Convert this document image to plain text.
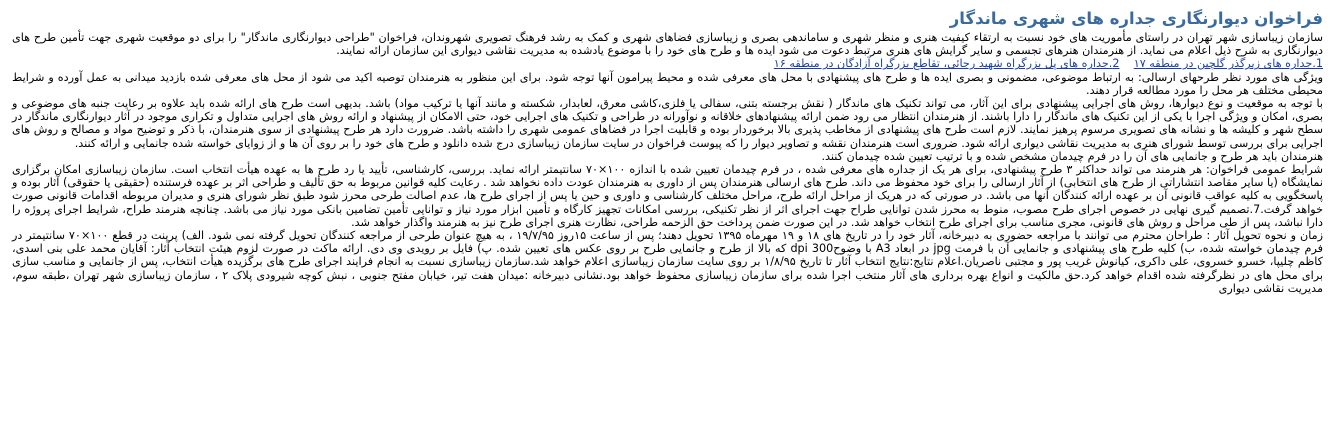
فراخوان دیوارنگاری جداره های شهری ماندگار

سازمان زیباسازی شهر تهران در راستای مأموریت های خود نسبت به ارتقاء کیفیت هنری و منظر شهری و ساماندهی بصری و زیباسازی فضاهای شهری و کمک به رشد فرهنگ تصویری شهروندان، فراخوان "طراحی دیوارنگاری ماندگار" را برای دو موقعیت شهری جهت تأمین طرح های دیوارنگاری به شرح ذیل اعلام می نماید. از هنرمندان هنرهای تجسمی و سایر گرایش های هنری مرتبط دعوت می شود ایده ها و طرح های خود را با موضوع یادشده به مدیریت نقاشی دیواری این سازمان ارائه نمایند.

1.جداره های زیرگذر گلچین در منطقه ۱۷    2.جداره های پل بزرگراه شهید رجائی، تقاطع بزرگراه آزادگان در منطقه ۱۶

ویژگی های مورد نظر طرحهای ارسالی: به ارتباط موضوعی، مضمونی و بصری ایده ها و طرح های پیشنهادی با محل های معرفی شده و محیط پیرامون آنها توجه شود. برای این منظور به هنرمندان توصیه اکید می شود از محل های معرفی شده بازدید میدانی به عمل آورده و شرایط محیطی مختلف هر محل را مورد مطالعه قرار دهند.

با توجه به موقعیت و نوع دیوارها، روش های اجرایی پیشنهادی برای این آثار، می تواند تکنیک های ماندگار ( نقش برجسته بتنی، سفالی یا فلزی،کاشی معرق، لعابدار، شکسته و مانند آنها یا ترکیب مواد) باشد. بدیهی است طرح های ارائه شده باید علاوه بر رعایت جنبه های موضوعی و بصری، امکان و ویژگی اجرا با یکی از این تکنیک های ماندگار را دارا باشند. از هنرمندان انتظار می رود ضمن ارائه پیشنهادهای خلاقانه و نوآورانه در طراحی و تکنیک های اجرایی خود، حتی الامکان از پیشنهاد و ارائه روش های اجرایی متداول و تکراری موجود در آثار دیوارنگاری ماندگار در سطح شهر و کلیشه ها و نشانه های تصویری مرسوم پرهیز نمایند. لازم است طرح های پیشنهادی از مخاطب پذیری بالا برخوردار بوده و قابلیت اجرا در فضاهای عمومی شهری را داشته باشد. ضرورت دارد هر طرح پیشنهادی از سوی هنرمندان، با ذکر و توضیح مواد و مصالح و روش های اجرایی برای بررسی توسط شورای هنری به مدیریت نقاشی دیواری ارائه شود. ضروری است هنرمندان نقشه و تصاویر دیوار را که پیوست فراخوان در سایت سازمان زیباسازی درج شده دانلود و طرح های خود را بر روی آن ها و از زوایای خواسته شده جانمایی و ارائه کنند.

هنرمندان باید هر طرح و جانمایی های آن را در فرم چیدمان مشخص شده و با ترتیب تعیین شده چیدمان کنند.

شرایط عمومی فراخوان: هر هنرمند می تواند حداکثر ۳ طرح پیشنهادی، برای هر یک از جداره های معرفی شده ، در فرم چیدمان تعیین شده با اندازه ۱۰۰×۷۰ سانتیمتر ارائه نماید. بررسی، کارشناسی، تأیید یا رد طرح ها به عهده هیأت انتخاب است. سازمان زیباسازی امکان برگزاری نمایشگاه (یا سایر مقاصد انتشاراتی از طرح های انتخابی) از آثار ارسالی را برای خود محفوظ می داند. طرح های ارسالی هنرمندان پس از داوری به هنرمندان عودت داده نخواهد شد . رعایت کلیه قوانین مربوط به حق تألیف و طراحی اثر بر عهده فرستنده (حقیقی یا حقوقی) آثار بوده و پاسخگویی به کلیه عواقب قانونی آن بر عهده ارائه کنندگان آنها می باشد. در صورتی که در هریک از مراحل ارائه طرح، مراحل مختلف کارشناسی و داوری و حین یا پس از اجرای طرح ها، عدم اصالت طرحی محرز شود طبق نظر شورای هنری و مدیران مربوطه اقدامات قانونی صورت خواهد گرفت.7.تصمیم گیری نهایی در خصوص اجرای طرح مصوب، منوط به محرز شدن توانایی طراح جهت اجرای اثر از نظر تکنیکی، بررسی امکانات تجهیز کارگاه و تأمین ابزار مورد نیاز و توانایی تأمین تضامین بانکی مورد نیاز می باشد. چنانچه هنرمند طراح، شرایط اجرای پروژه را دارا نباشد، پس از طی مراحل و روش های قانونی، مجری مناسب برای اجرای طرح انتخاب خواهد شد. در این صورت ضمن پرداخت حق الزحمه طراحی، نظارت هنری اجرای طرح نیز به هنرمند واگذار خواهد شد.

زمان و نحوه تحویل آثار : طراحان محترم می توانند با مراجعه حضوری به دبیرخانه، آثار خود را در تاریخ های ۱۸ و ۱۹ مهرماه ۱۳۹۵ تحویل دهند؛ پس از ساعت ۱۵روز ۱۹/۷/۹۵ ، به هیچ عنوان طرحی از مراجعه کنندگان تحویل گرفته نمی شود. الف) پرینت در قطع ۱۰۰×۷۰ سانتیمتر در فرم چیدمان خواسته شده، ب) کلیه طرح های پیشنهادی و جانمایی آن با فرمت jpg در ابعاد A3 با وضوح300 dpi که بالا از طرح و جانمایی طرح بر روی عکس های تعیین شده. پ) فایل بر رویدی وی دی. ارائه ماکت در صورت لزوم هیئت انتخاب آثار: آقایان محمد علی بنی اسدی، کاظم چلیپا، خسرو خسروی، علی داکری، کیانوش غریب پور و مجتبی ناصریان.اعلام نتایج:نتایج انتخاب آثار تا تاریخ ۱/۸/۹۵ بر روی سایت سازمان زیباسازی اعلام خواهد شد.سازمان زیباسازی نسبت به انجام فرایند اجرای طرح های برگزیده هیأت انتخاب، پس از جانمایی و مناسب سازی برای محل های در نظرگرفته شده اقدام خواهد کرد.حق مالکیت و انواع بهره برداری های آثار منتخب اجرا شده برای سازمان زیباسازی محفوظ خواهد بود.نشانی دبیرخانه :میدان هفت تیر، خیابان مفتح جنوبی ، نبش کوچه شیرودی پلاک ۲ ، سازمان زیباسازی شهر تهران ،طبقه سوم، مدیریت نقاشی دیواری
